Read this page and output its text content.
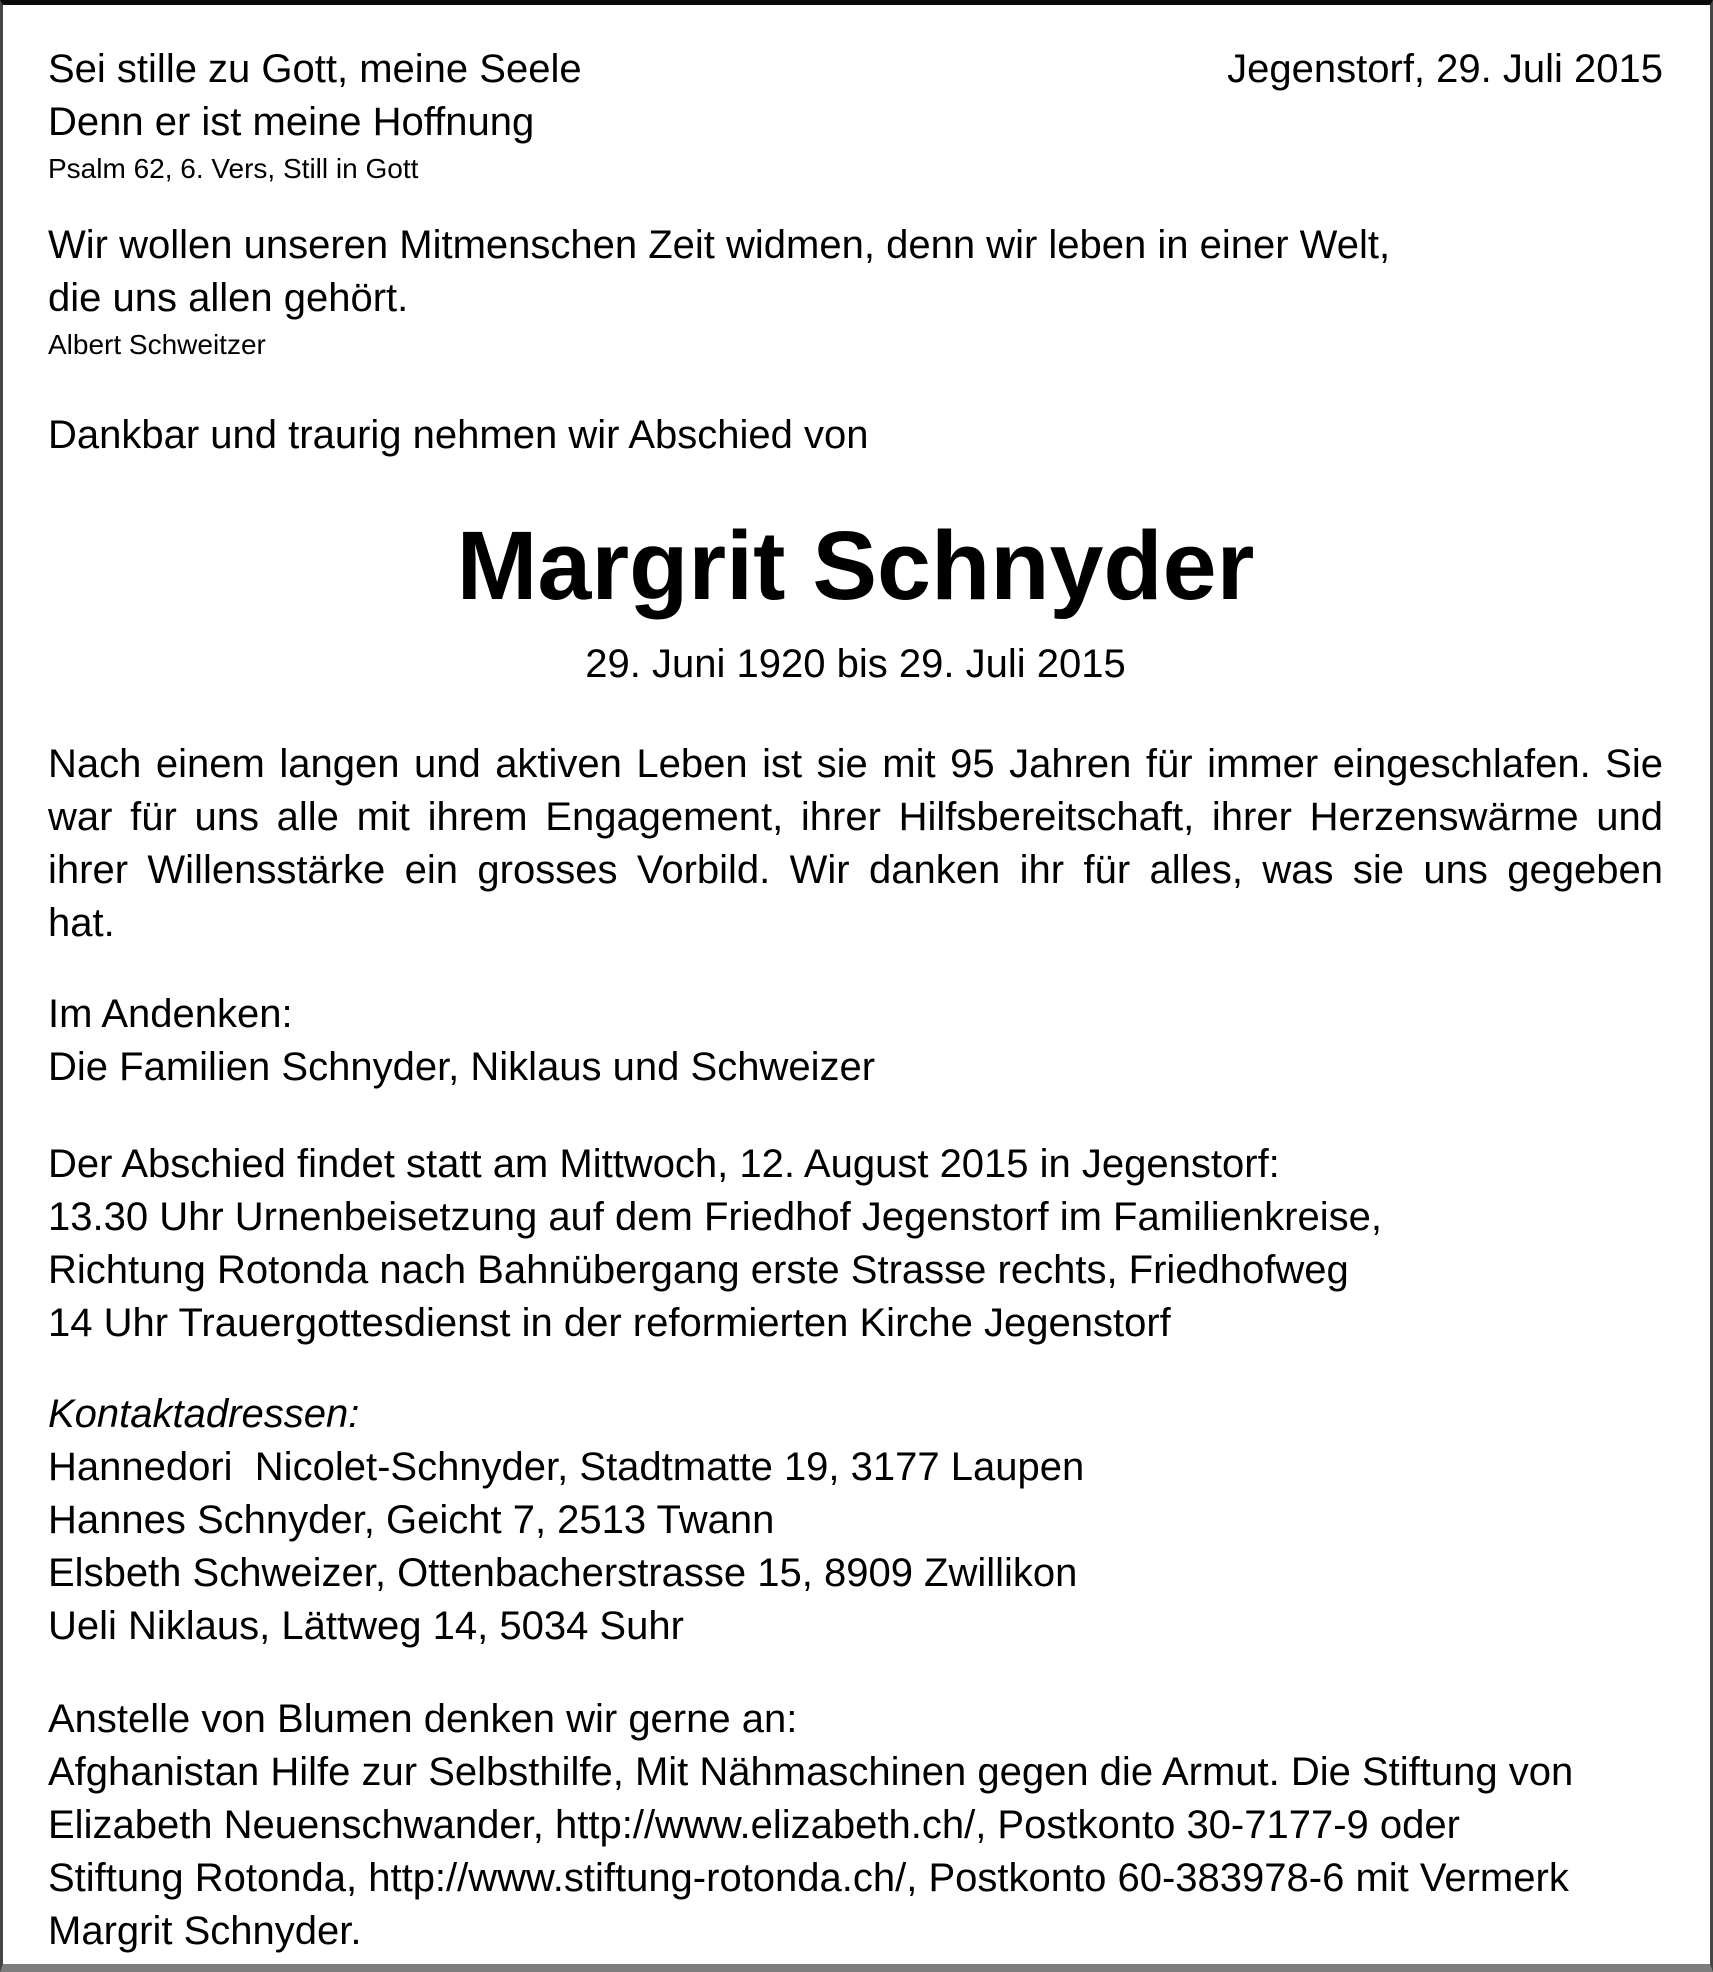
Sei stille zu Gott, meine Seele
Denn er ist meine Hoffnung
Psalm 62, 6. Vers, Still in Gott
Jegenstorf, 29. Juli 2015
Wir wollen unseren Mitmenschen Zeit widmen, denn wir leben in einer Welt,
die uns allen gehört.
Albert Schweitzer
Dankbar und traurig nehmen wir Abschied von
Margrit Schnyder
29. Juni 1920 bis 29. Juli 2015
Nach einem langen und aktiven Leben ist sie mit 95 Jahren für immer eingeschlafen. Sie
war für uns alle mit ihrem Engagement, ihrer Hilfsbereitschaft, ihrer Herzenswärme und
ihrer Willensstärke ein grosses Vorbild. Wir danken ihr für alles, was sie uns gegeben
hat.
Im Andenken:
Die Familien Schnyder, Niklaus und Schweizer
Der Abschied findet statt am Mittwoch, 12. August 2015 in Jegenstorf:
13.30 Uhr Urnenbeisetzung auf dem Friedhof Jegenstorf im Familienkreise,
Richtung Rotonda nach Bahnübergang erste Strasse rechts, Friedhofweg
14 Uhr Trauergottesdienst in der reformierten Kirche Jegenstorf
Kontaktadressen:
Hannedori  Nicolet-Schnyder, Stadtmatte 19, 3177 Laupen
Hannes Schnyder, Geicht 7, 2513 Twann
Elsbeth Schweizer, Ottenbacherstrasse 15, 8909 Zwillikon
Ueli Niklaus, Lättweg 14, 5034 Suhr
Anstelle von Blumen denken wir gerne an:
Afghanistan Hilfe zur Selbsthilfe, Mit Nähmaschinen gegen die Armut. Die Stiftung von
Elizabeth Neuenschwander, http://www.elizabeth.ch/, Postkonto 30-7177-9 oder
Stiftung Rotonda, http://www.stiftung-rotonda.ch/, Postkonto 60-383978-6 mit Vermerk
Margrit Schnyder.
